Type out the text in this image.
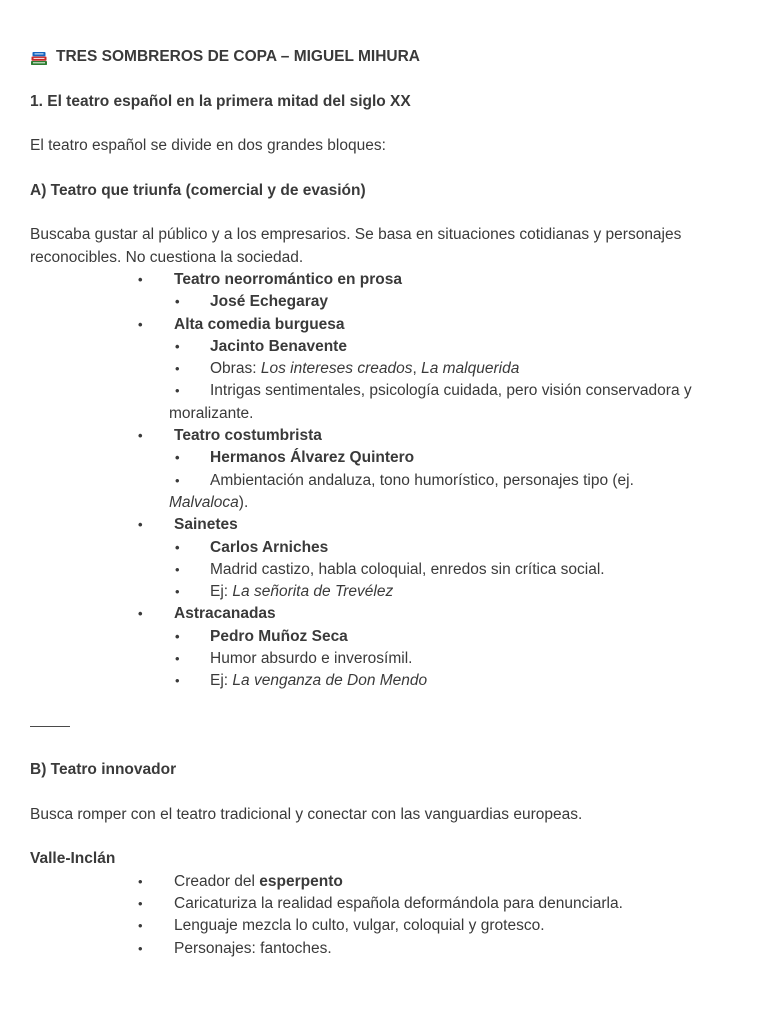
TRES SOMBREROS DE COPA – MIGUEL MIHURA

1. El teatro español en la primera mitad del siglo XX

El teatro español se divide en dos grandes bloques:

A) Teatro que triunfa (comercial y de evasión)

Buscaba gustar al público y a los empresarios. Se basa en situaciones cotidianas y personajes reconocibles. No cuestiona la sociedad.

• Teatro neorromántico en prosa

• José Echegaray

• Alta comedia burguesa

• Jacinto Benavente

• Obras: Los intereses creados, La malquerida

• Intrigas sentimentales, psicología cuidada, pero visión conservadora y

moralizante.

• Teatro costumbrista

• Hermanos Álvarez Quintero

• Ambientación andaluza, tono humorístico, personajes tipo (ej.

Malvaloca).

• Sainetes

• Carlos Arniches

• Madrid castizo, habla coloquial, enredos sin crítica social.

• Ej: La señorita de Trevélez

• Astracanadas

• Pedro Muñoz Seca

• Humor absurdo e inverosímil.

• Ej: La venganza de Don Mendo

B) Teatro innovador

Busca romper con el teatro tradicional y conectar con las vanguardias europeas.

Valle-Inclán

• Creador del esperpento

• Caricaturiza la realidad española deformándola para denunciarla.

• Lenguaje mezcla lo culto, vulgar, coloquial y grotesco.

• Personajes: fantoches.
